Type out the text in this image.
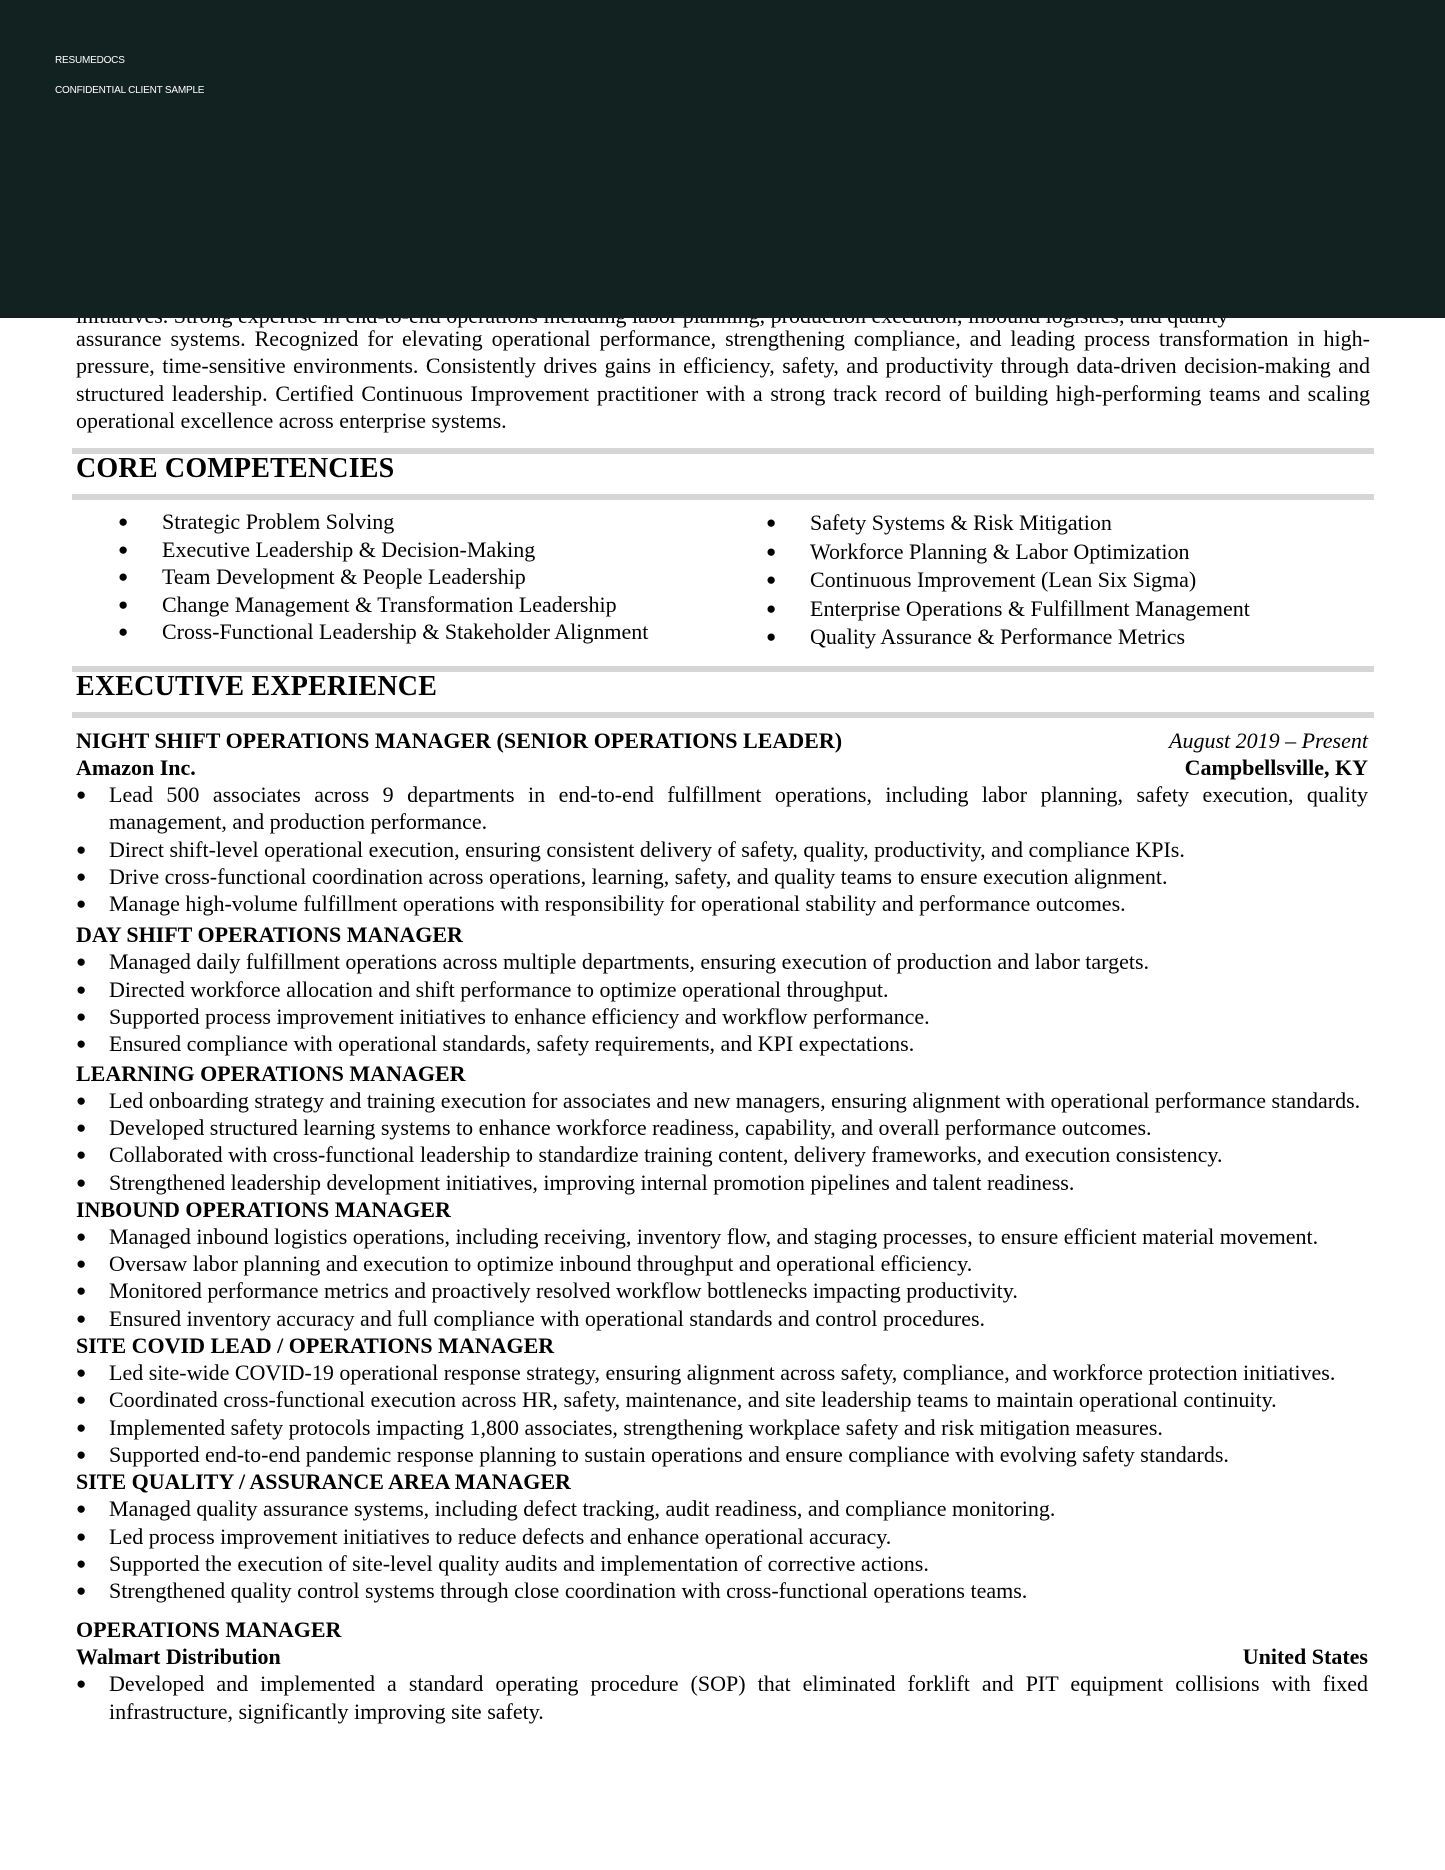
RESUMEDOCS
CONFIDENTIAL CLIENT SAMPLE
assurance systems. Recognized for elevating operational performance, strengthening compliance, and leading process transformation in high-pressure, time-sensitive environments. Consistently drives gains in efficiency, safety, and productivity through data-driven decision-making and structured leadership. Certified Continuous Improvement practitioner with a strong track record of building high-performing teams and scaling operational excellence across enterprise systems.
CORE COMPETENCIES
● Strategic Problem Solving
● Executive Leadership & Decision-Making
● Team Development & People Leadership
● Change Management & Transformation Leadership
● Cross-Functional Leadership & Stakeholder Alignment
● Safety Systems & Risk Mitigation
● Workforce Planning & Labor Optimization
● Continuous Improvement (Lean Six Sigma)
● Enterprise Operations & Fulfillment Management
● Quality Assurance & Performance Metrics
EXECUTIVE EXPERIENCE
NIGHT SHIFT OPERATIONS MANAGER (SENIOR OPERATIONS LEADER)	August 2019 – Present
Amazon Inc.	Campbellsville, KY
● Lead 500 associates across 9 departments in end-to-end fulfillment operations, including labor planning, safety execution, quality management, and production performance.
● Direct shift-level operational execution, ensuring consistent delivery of safety, quality, productivity, and compliance KPIs.
● Drive cross-functional coordination across operations, learning, safety, and quality teams to ensure execution alignment.
● Manage high-volume fulfillment operations with responsibility for operational stability and performance outcomes.
DAY SHIFT OPERATIONS MANAGER
● Managed daily fulfillment operations across multiple departments, ensuring execution of production and labor targets.
● Directed workforce allocation and shift performance to optimize operational throughput.
● Supported process improvement initiatives to enhance efficiency and workflow performance.
● Ensured compliance with operational standards, safety requirements, and KPI expectations.
LEARNING OPERATIONS MANAGER
● Led onboarding strategy and training execution for associates and new managers, ensuring alignment with operational performance standards.
● Developed structured learning systems to enhance workforce readiness, capability, and overall performance outcomes.
● Collaborated with cross-functional leadership to standardize training content, delivery frameworks, and execution consistency.
● Strengthened leadership development initiatives, improving internal promotion pipelines and talent readiness.
INBOUND OPERATIONS MANAGER
● Managed inbound logistics operations, including receiving, inventory flow, and staging processes, to ensure efficient material movement.
● Oversaw labor planning and execution to optimize inbound throughput and operational efficiency.
● Monitored performance metrics and proactively resolved workflow bottlenecks impacting productivity.
● Ensured inventory accuracy and full compliance with operational standards and control procedures.
SITE COVID LEAD / OPERATIONS MANAGER
● Led site-wide COVID-19 operational response strategy, ensuring alignment across safety, compliance, and workforce protection initiatives.
● Coordinated cross-functional execution across HR, safety, maintenance, and site leadership teams to maintain operational continuity.
● Implemented safety protocols impacting 1,800 associates, strengthening workplace safety and risk mitigation measures.
● Supported end-to-end pandemic response planning to sustain operations and ensure compliance with evolving safety standards.
SITE QUALITY / ASSURANCE AREA MANAGER
● Managed quality assurance systems, including defect tracking, audit readiness, and compliance monitoring.
● Led process improvement initiatives to reduce defects and enhance operational accuracy.
● Supported the execution of site-level quality audits and implementation of corrective actions.
● Strengthened quality control systems through close coordination with cross-functional operations teams.
OPERATIONS MANAGER
Walmart Distribution	United States
● Developed and implemented a standard operating procedure (SOP) that eliminated forklift and PIT equipment collisions with fixed infrastructure, significantly improving site safety.
